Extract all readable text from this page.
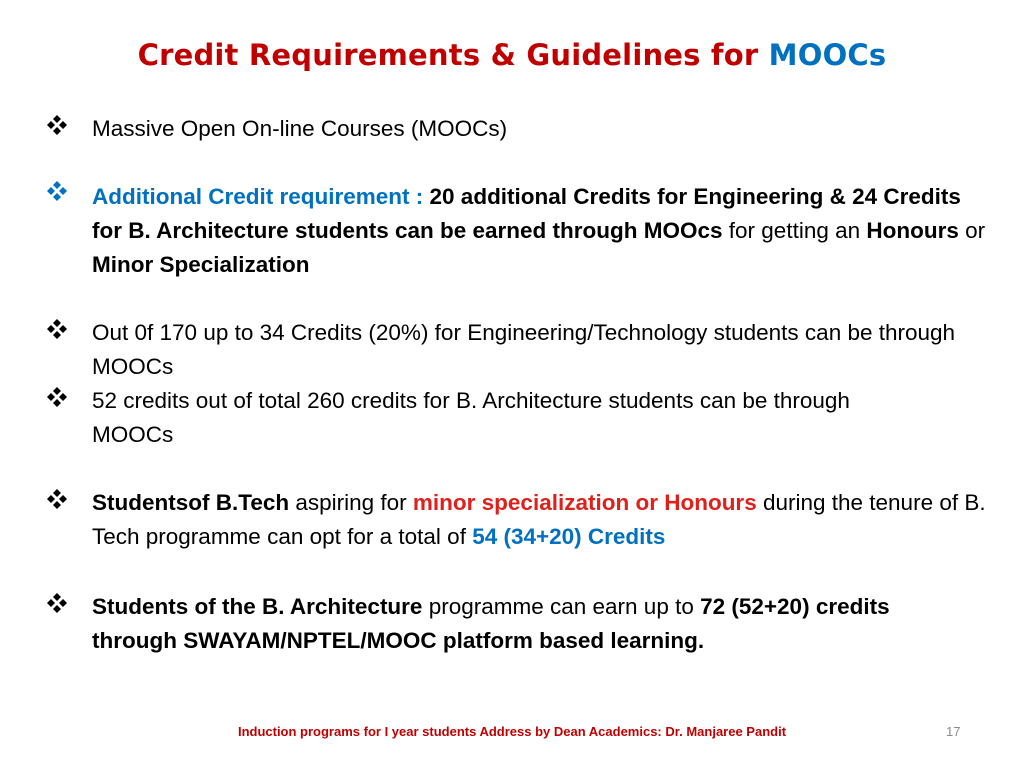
Credit Requirements & Guidelines for MOOCs
Massive Open On-line Courses (MOOCs)
Additional Credit requirement : 20 additional Credits for Engineering & 24 Credits for B. Architecture students can be earned through MOOcs for getting an Honours or Minor Specialization
Out 0f 170 up to 34 Credits (20%) for Engineering/Technology students can be through MOOCs
52 credits out of total 260 credits for B. Architecture students can be through MOOCs
Studentsof B.Tech aspiring for minor specialization or Honours during the tenure of B. Tech programme can opt for a total of 54 (34+20) Credits
Students of the B. Architecture programme can earn up to 72 (52+20) credits through SWAYAM/NPTEL/MOOC platform based learning.
Induction programs for I year students Address by Dean Academics: Dr. Manjaree Pandit	17
